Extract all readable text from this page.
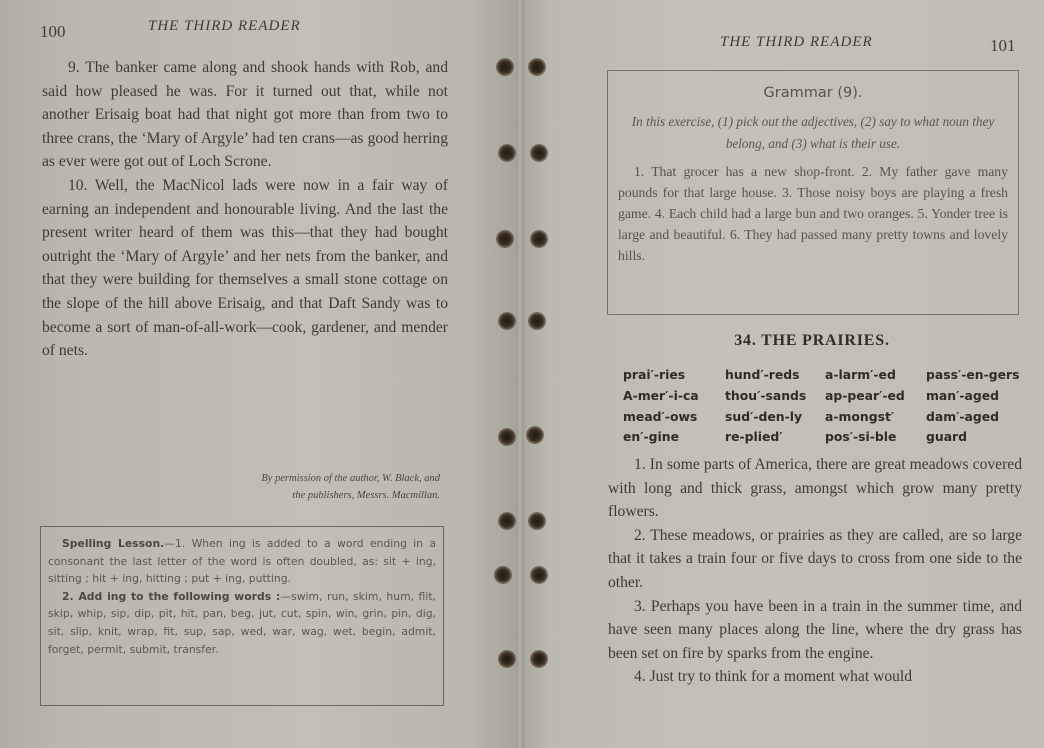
100	THE THIRD READER

9. The banker came along and shook hands with Rob, and said how pleased he was. For it turned out that, while not another Erisaig boat had that night got more than from two to three crans, the ‘Mary of Argyle’ had ten crans—as good herring as ever were got out of Loch Scrone.

10. Well, the MacNicol lads were now in a fair way of earning an independent and honourable living. And the last the present writer heard of them was this—that they had bought outright the ‘Mary of Argyle’ and her nets from the banker, and that they were building for themselves a small stone cottage on the slope of the hill above Erisaig, and that Daft Sandy was to become a sort of man-of-all-work—cook, gardener, and mender of nets.

By permission of the author, W. Black, and
the publishers, Messrs. Macmillan.

Spelling Lesson.—1. When ing is added to a word ending in a consonant the last letter of the word is often doubled, as: sit + ing, sitting ; hit + ing, hitting ; put + ing, putting.

2. Add ing to the following words :—swim, run, skim, hum, flit, skip, whip, sip, dip, pit, hit, pan, beg, jut, cut, spin, win, grin, pin, dig, sit, slip, knit, wrap, fit, sup, sap, wed, war, wag, wet, begin, admit, forget, permit, submit, transfer.

THE THIRD READER	101
Grammar (9).
In this exercise, (1) pick out the adjectives, (2) say to what noun they belong, and (3) what is their use.

1. That grocer has a new shop-front. 2. My father gave many pounds for that large house. 3. Those noisy boys are playing a fresh game. 4. Each child had a large bun and two oranges. 5. Yonder tree is large and beautiful. 6. They had passed many pretty towns and lovely hills.

34. THE PRAIRIES.
prai′-ries	hund′-reds	a-larm′-ed	pass′-en-gers
A-mer′-i-ca	thou′-sands	ap-pear′-ed	man′-aged
mead′-ows	sud′-den-ly	a-mongst′	dam′-aged
en′-gine	re-plied′	pos′-si-ble	guard

1. In some parts of America, there are great meadows covered with long and thick grass, amongst which grow many pretty flowers.

2. These meadows, or prairies as they are called, are so large that it takes a train four or five days to cross from one side to the other.

3. Perhaps you have been in a train in the summer time, and have seen many places along the line, where the dry grass has been set on fire by sparks from the engine.

4. Just try to think for a moment what would
